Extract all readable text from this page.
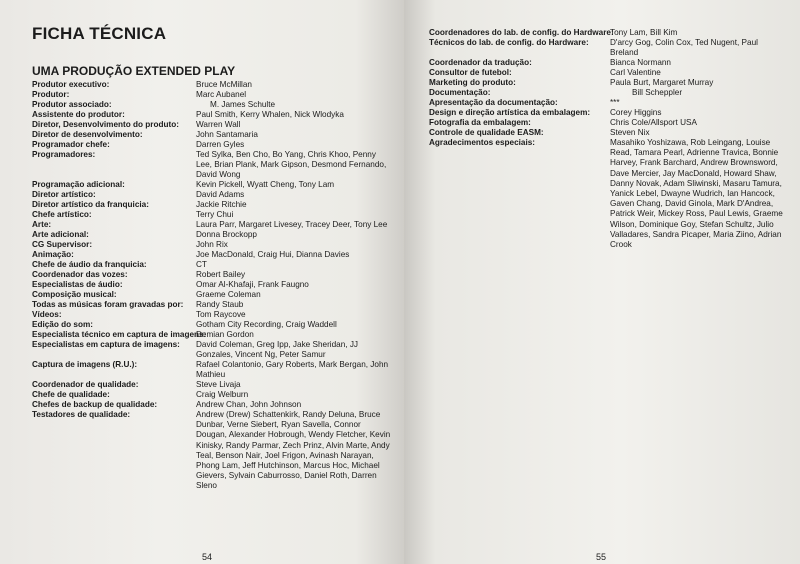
FICHA TÉCNICA
UMA PRODUÇÃO EXTENDED PLAY
Produtor executivo:	Bruce McMillan
Produtor:	Marc Aubanel
Produtor associado:	M. James Schulte
Assistente do produtor:	Paul Smith, Kerry Whalen, Nick Wlodyka
Diretor, Desenvolvimento do produto: Warren Wall
Diretor de desenvolvimento:	John Santamaria
Programador chefe:	Darren Gyles
Programadores:	Ted Sylka, Ben Cho, Bo Yang, Chris Khoo, Penny Lee, Brian Plank, Mark Gipson, Desmond Fernando, David Wong
Programação adicional:	Kevin Pickell, Wyatt Cheng, Tony Lam
Diretor artístico:	David Adams
Diretor artístico da franquicia:	Jackie Ritchie
Chefe artístico:	Terry Chui
Arte:	Laura Parr, Margaret Livesey, Tracey Deer, Tony Lee
Arte adicional:	Donna Brockopp
CG Supervisor:	John Rix
Animação:	Joe MacDonald, Craig Hui, Dianna Davies
Chefe de áudio da franquicia:	CT
Coordenador das vozes:	Robert Bailey
Especialistas de áudio:	Omar Al-Khafaji, Frank Faugno
Composição musical:	Graeme Coleman
Todas as músicas foram gravadas por: Randy Staub
Vídeos:	Tom Raycove
Edição do som:	Gotham City Recording, Craig Waddell
Especialista técnico em captura de imagens:
Demian Gordon
Especialistas em captura de imagens: David Coleman, Greg Ipp, Jake Sheridan, JJ Gonzales, Vincent Ng, Peter Samur
Captura de imagens (R.U.):	Rafael Colantonio, Gary Roberts, Mark Bergan, John Mathieu
Coordenador de qualidade:	Steve Livaja
Chefe de qualidade:	Craig Welburn
Chefes de backup de qualidade:	Andrew Chan, John Johnson
Testadores de qualidade:	Andrew (Drew) Schattenkirk, Randy Deluna, Bruce Dunbar, Verne Siebert, Ryan Savella, Connor Dougan, Alexander Hobrough, Wendy Fletcher, Kevin Kinisky, Randy Parmar, Zech Prinz, Alvin Marte, Andy Teal, Benson Nair, Joel Frigon, Avinash Narayan, Phong Lam, Jeff Hutchinson, Marcus Hoc, Michael Gievers, Sylvain Caburrosso, Daniel Roth, Darren Sleno
54
Coordenadores do lab. de config. do Hardware:
Tony Lam, Bill Kim
Técnicos do lab. de config. do Hardware:	D'arcy Gog, Colin Cox, Ted Nugent, Paul Breland
Coordenador da tradução:	Bianca Normann
Consultor de futebol:	Carl Valentine
Marketing do produto:	Paula Burt, Margaret Murray
Documentação:	Bill Scheppler
Apresentação da documentação:	***
Design e direção artística da embalagem: Corey Higgins
Fotografia da embalagem:	Chris Cole/Allsport USA
Controle de qualidade EASM:	Steven Nix
Agradecimentos especiais:	Masahiko Yoshizawa, Rob Leingang, Louise Read, Tamara Pearl, Adrienne Travica, Bonnie Harvey, Frank Barchard, Andrew Brownsword, Dave Mercier, Jay MacDonald, Howard Shaw, Danny Novak, Adam Sliwinski, Masaru Tamura, Yanick Lebel, Dwayne Wudrich, Ian Hancock, Gaven Chang, David Ginola, Mark D'Andrea, Patrick Weir, Mickey Ross, Paul Lewis, Graeme Wilson, Dominique Goy, Stefan Schultz, Julio Valladares, Sandra Picaper, Maria Ziino, Adrian Crook
55
